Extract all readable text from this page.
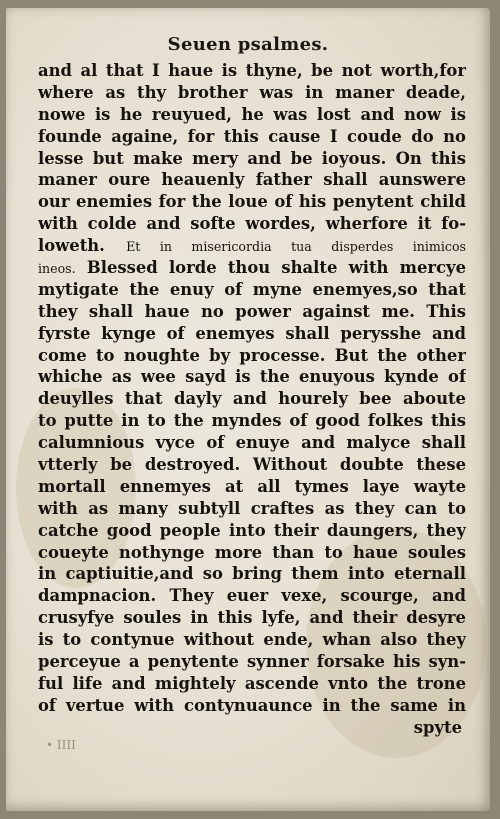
Seuen psalmes.
and al that I haue is thyne, be not worth,for
where as thy brother was in maner deade,
nowe is he reuyued, he was lost and now is
founde againe, for this cause I coude do no
lesse but make mery and be ioyous. On this
maner oure heauenly father shall aunswere
our enemies for the loue of his penytent child
with colde and softe wordes, wherfore it fo-
loweth. Et in misericordia tua disperdes inimicos
ineos. Blessed lorde thou shalte with mercye
mytigate the enuy of myne enemyes,so that
they shall haue no power against me. This
fyrste kynge of enemyes shall perysshe and
come to noughte by processe. But the other
whiche as wee sayd is the enuyous kynde of
deuylles that dayly and hourely bee aboute
to putte in to the myndes of good folkes this
calumnious vyce of enuye and malyce shall
vtterly be destroyed. Without doubte these
mortall ennemyes at all tymes laye wayte
with as many subtyll craftes as they can to
catche good people into their daungers, they
coueyte nothynge more than to haue soules
in captiuitie,and so bring them into eternall
dampnacion. They euer vexe, scourge, and
crusyfye soules in this lyfe, and their desyre
is to contynue without ende, whan also they
perceyue a penytente synner forsake his syn-
ful life and mightely ascende vnto the trone
of vertue with contynuaunce in the same in
spyte
• IIII
